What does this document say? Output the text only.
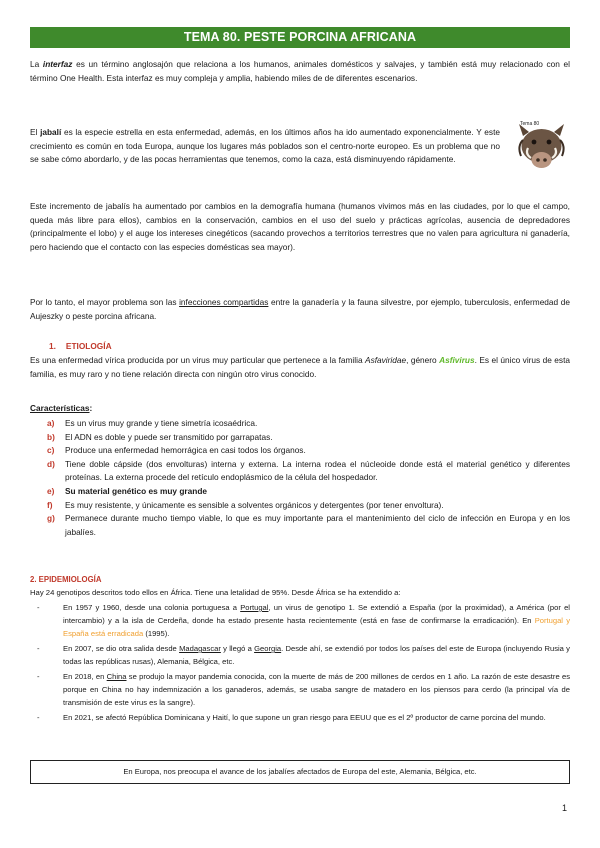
TEMA 80. PESTE PORCINA AFRICANA
La interfaz es un término anglosajón que relaciona a los humanos, animales domésticos y salvajes, y también está muy relacionado con el término One Health. Esta interfaz es muy compleja y amplia, habiendo miles de de diferentes escenarios.
El jabalí es la especie estrella en esta enfermedad, además, en los últimos años ha ido aumentado exponencialmente. Y este crecimiento es común en toda Europa, aunque los lugares más poblados son el centro-norte europeo. Es un problema que no se sabe cómo abordarlo, y de las pocas herramientas que tenemos, como la caza, está disminuyendo rápidamente.
Tema 80
Este incremento de jabalís ha aumentado por cambios en la demografía humana (humanos vivimos más en las ciudades, por lo que el campo, queda más libre para ellos), cambios en la conservación, cambios en el uso del suelo y prácticas agrícolas, ausencia de depredadores (principalmente el lobo) y el auge los intereses cinegéticos (sacando provechos a territorios terrestres que no valen para agricultura ni ganadería, pero haciendo que el contacto con las especies domésticas sea mayor).
Por lo tanto, el mayor problema son las infecciones compartidas entre la ganadería y la fauna silvestre, por ejemplo, tuberculosis, enfermedad de Aujeszky o peste porcina africana.
1. ETIOLOGÍA
Es una enfermedad vírica producida por un virus muy particular que pertenece a la familia Asfaviridae, género Asfivirus. Es el único virus de esta familia, es muy raro y no tiene relación directa con ningún otro virus conocido.
Características:
a) Es un virus muy grande y tiene simetría icosaédrica.
b) El ADN es doble y puede ser transmitido por garrapatas.
c) Produce una enfermedad hemorrágica en casi todos los órganos.
d) Tiene doble cápside (dos envolturas) interna y externa. La interna rodea el núcleoide donde está el material genético y diferentes proteínas. La externa procede del retículo endoplásmico de la célula del hospedador.
e) Su material genético es muy grande
f) Es muy resistente, y únicamente es sensible a solventes orgánicos y detergentes (por tener envoltura).
g) Permanece durante mucho tiempo viable, lo que es muy importante para el mantenimiento del ciclo de infección en Europa y en los jabalíes.
2. EPIDEMIOLOGÍA
Hay 24 genotipos descritos todo ellos en África. Tiene una letalidad de 95%. Desde África se ha extendido a:
-	En 1957 y 1960, desde una colonia portuguesa a Portugal, un virus de genotipo 1. Se extendió a España (por la proximidad), a América (por el intercambio) y a la isla de Cerdeña, donde ha estado presente hasta recientemente (está en fase de confirmarse la erradicación). En Portugal y España está erradicada (1995).
-	En 2007, se dio otra salida desde Madagascar y llegó a Georgia. Desde ahí, se extendió por todos los países del este de Europa (incluyendo Rusia y todas las repúblicas rusas), Alemania, Bélgica, etc.
-	En 2018, en China se produjo la mayor pandemia conocida, con la muerte de más de 200 millones de cerdos en 1 año. La razón de este desastre es porque en China no hay indemnización a los ganaderos, además, se usaba sangre de matadero en los piensos para cerdo (la principal vía de transmisión de este virus es la sangre).
-	En 2021, se afectó República Dominicana y Haití, lo que supone un gran riesgo para EEUU que es el 2º productor de carne porcina del mundo.
En Europa, nos preocupa el avance de los jabalíes afectados de Europa del este, Alemania, Bélgica, etc.
1
